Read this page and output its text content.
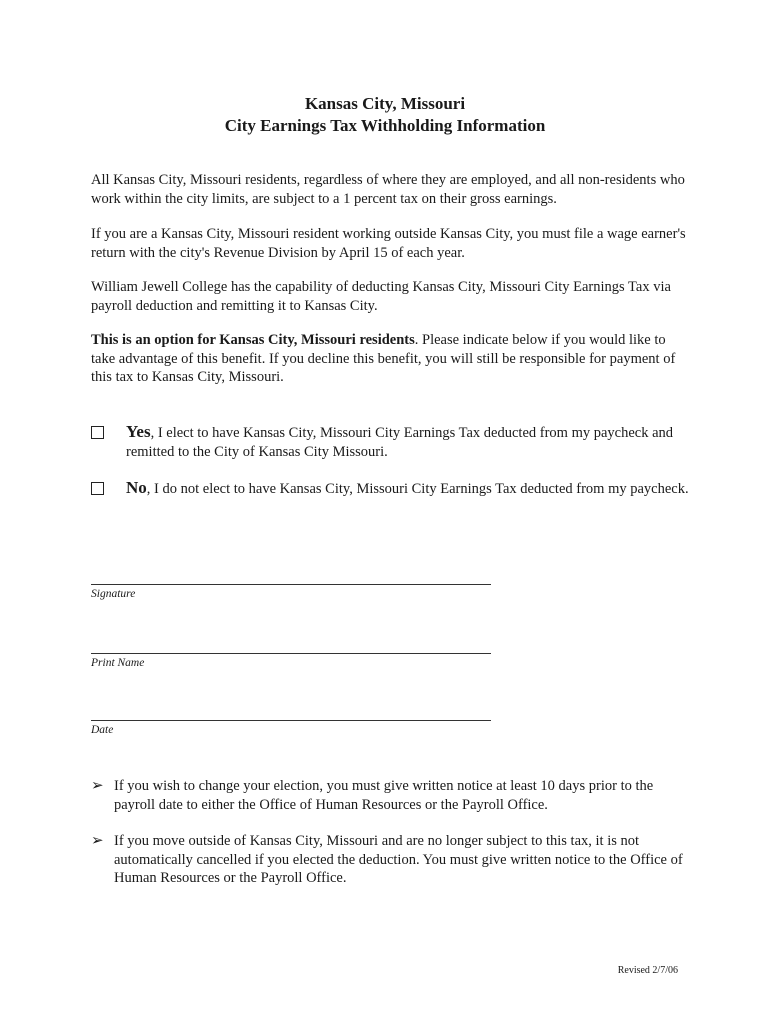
Kansas City, Missouri
City Earnings Tax Withholding Information
All Kansas City, Missouri residents, regardless of where they are employed, and all non-residents who work within the city limits, are subject to a 1 percent tax on their gross earnings.
If you are a Kansas City, Missouri resident working outside Kansas City, you must file a wage earner's return with the city's Revenue Division by April 15 of each year.
William Jewell College has the capability of deducting Kansas City, Missouri City Earnings Tax via payroll deduction and remitting it to Kansas City.
This is an option for Kansas City, Missouri residents. Please indicate below if you would like to take advantage of this benefit. If you decline this benefit, you will still be responsible for payment of this tax to Kansas City, Missouri.
Yes, I elect to have Kansas City, Missouri City Earnings Tax deducted from my paycheck and remitted to the City of Kansas City Missouri.
No, I do not elect to have Kansas City, Missouri City Earnings Tax deducted from my paycheck.
Signature
Print Name
Date
➢ If you wish to change your election, you must give written notice at least 10 days prior to the payroll date to either the Office of Human Resources or the Payroll Office.
➢ If you move outside of Kansas City, Missouri and are no longer subject to this tax, it is not automatically cancelled if you elected the deduction. You must give written notice to the Office of Human Resources or the Payroll Office.
Revised 2/7/06
